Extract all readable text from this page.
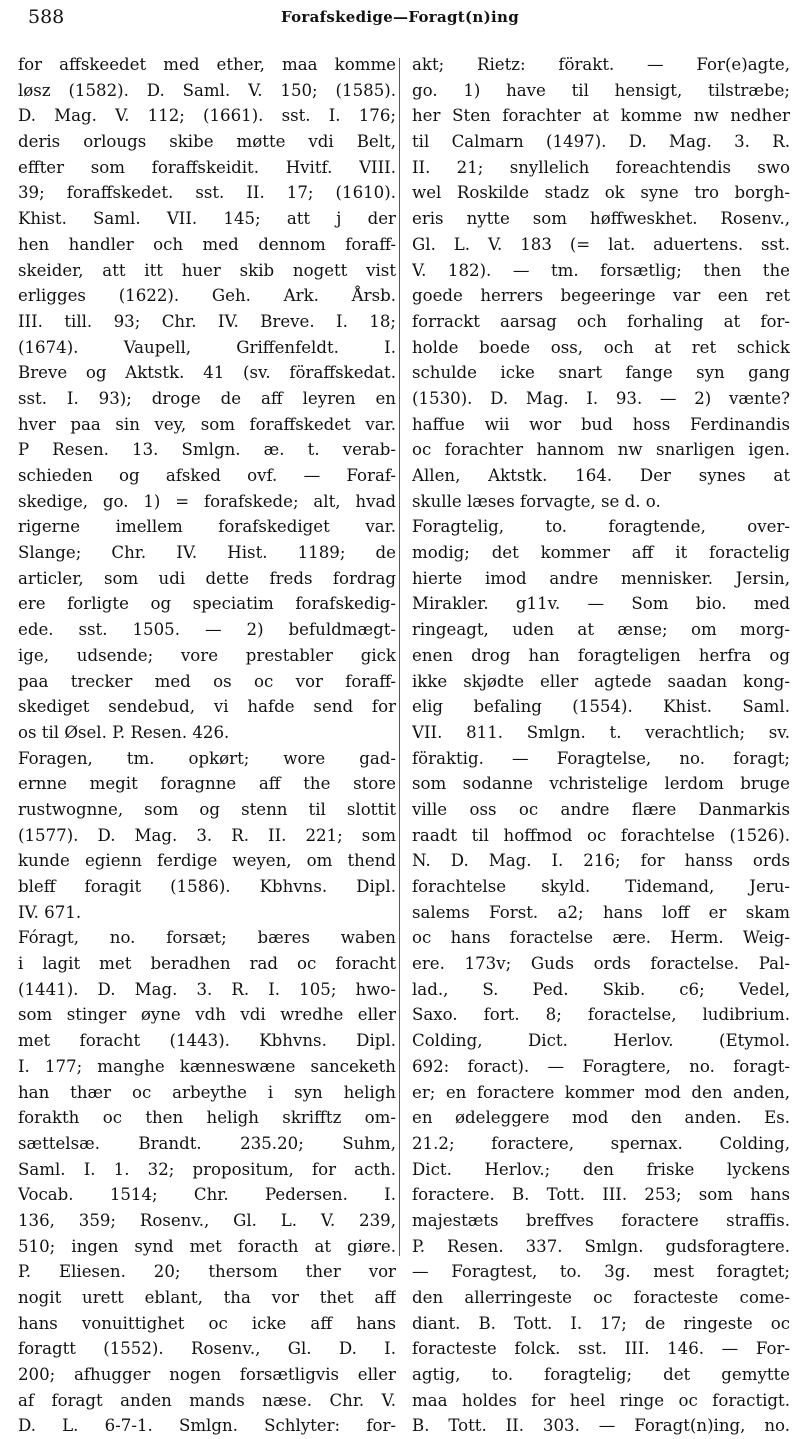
588	Forafskedige—Foragt(n)ing
for affskeedet med ether, maa komme
løsz (1582). D. Saml. V. 150; (1585).
D. Mag. V. 112; (1661). sst. I. 176;
deris orlougs skibe møtte vdi Belt,
effter som foraffskeidit. Hvitf. VIII.
39; foraffskedet. sst. II. 17; (1610).
Khist. Saml. VII. 145; att j der
hen handler och med dennom foraff-
skeider, att itt huer skib nogett vist
erligges (1622). Geh. Ark. Årsb.
III. till. 93; Chr. IV. Breve. I. 18;
(1674). Vaupell, Griffenfeldt. I.
Breve og Aktstk. 41 (sv. föraffskedat.
sst. I. 93); droge de aff leyren en
hver paa sin vey, som foraffskedet var.
P Resen. 13. Smlgn. æ. t. verab-
schieden og afsked ovf. — Foraf-
skedige, go. 1) = forafskede; alt, hvad
rigerne imellem forafskediget var.
Slange; Chr. IV. Hist. 1189; de
articler, som udi dette freds fordrag
ere forligte og speciatim forafskedig-
ede. sst. 1505. — 2) befuldmægt-
ige, udsende; vore prestabler gick
paa trecker med os oc vor foraff-
skediget sendebud, vi hafde send for
os til Øsel. P. Resen. 426.
Foragen, tm. opkørt; wore gad-
ernne megit foragnne aff the store
rustwognne, som og stenn til slottit
(1577). D. Mag. 3. R. II. 221; som
kunde egienn ferdige weyen, om thend
bleff foragit (1586). Kbhvns. Dipl.
IV. 671.
Fóragt, no. forsæt; bæres waben
i lagit met beradhen rad oc foracht
(1441). D. Mag. 3. R. I. 105; hwo-
som stinger øyne vdh vdi wredhe eller
met foracht (1443). Kbhvns. Dipl.
I. 177; manghe kænneswæne sanceketh
han thær oc arbeythe i syn heligh
forakth oc then heligh skrifftz om-
sættelsæ. Brandt. 235.20; Suhm,
Saml. I. 1. 32; propositum, for acth.
Vocab. 1514; Chr. Pedersen. I.
136, 359; Rosenv., Gl. L. V. 239,
510; ingen synd met foracth at giøre.
P. Eliesen. 20; thersom ther vor
nogit urett eblant, tha vor thet aff
hans vonuittighet oc icke aff hans
foragtt (1552). Rosenv., Gl. D. I.
200; afhugger nogen forsætligvis eller
af foragt anden mands næse. Chr. V.
D. L. 6-7-1. Smlgn. Schlyter: for-
akt; Rietz: förakt. — For(e)agte,
go. 1) have til hensigt, tilstræbe;
her Sten forachter at komme nw nedher
til Calmarn (1497). D. Mag. 3. R.
II. 21; snyllelich foreachtendis swo
wel Roskilde stadz ok syne tro borgh-
eris nytte som høffweskhet. Rosenv.,
Gl. L. V. 183 (= lat. aduertens. sst.
V. 182). — tm. forsætlig; then the
goede herrers begeeringe var een ret
forrackt aarsag och forhaling at for-
holde boede oss, och at ret schick
schulde icke snart fange syn gang
(1530). D. Mag. I. 93. — 2) vænte?
haffue wii wor bud hoss Ferdinandis
oc forachter hannom nw snarligen igen.
Allen, Aktstk. 164. Der synes at
skulle læses forvagte, se d. o.
Foragtelig, to. foragtende, over-
modig; det kommer aff it foractelig
hierte imod andre mennisker. Jersin,
Mirakler. g11v. — Som bio. med
ringeagt, uden at ænse; om morg-
enen drog han foragteligen herfra og
ikke skjødte eller agtede saadan kong-
elig befaling (1554). Khist. Saml.
VII. 811. Smlgn. t. verachtlich; sv.
föraktig. — Foragtelse, no. foragt;
som sodanne vchristelige lerdom bruge
ville oss oc andre flære Danmarkis
raadt til hoffmod oc forachtelse (1526).
N. D. Mag. I. 216; for hanss ords
forachtelse skyld. Tidemand, Jeru-
salems Forst. a2; hans loff er skam
oc hans foractelse ære. Herm. Weig-
ere. 173v; Guds ords foractelse. Pal-
lad., S. Ped. Skib. c6; Vedel,
Saxo. fort. 8; foractelse, ludibrium.
Colding, Dict. Herlov. (Etymol.
692: foract). — Foragtere, no. foragt-
er; en foractere kommer mod den anden,
en ødeleggere mod den anden. Es.
21.2; foractere, spernax. Colding,
Dict. Herlov.; den friske lyckens
foractere. B. Tott. III. 253; som hans
majestæts breffves foractere straffis.
P. Resen. 337. Smlgn. gudsforagtere.
— Foragtest, to. 3g. mest foragtet;
den allerringeste oc foracteste come-
diant. B. Tott. I. 17; de ringeste oc
foracteste folck. sst. III. 146. — For-
agtig, to. foragtelig; det gemytte
maa holdes for heel ringe oc foractigt.
B. Tott. II. 303. — Foragt(n)ing, no.
